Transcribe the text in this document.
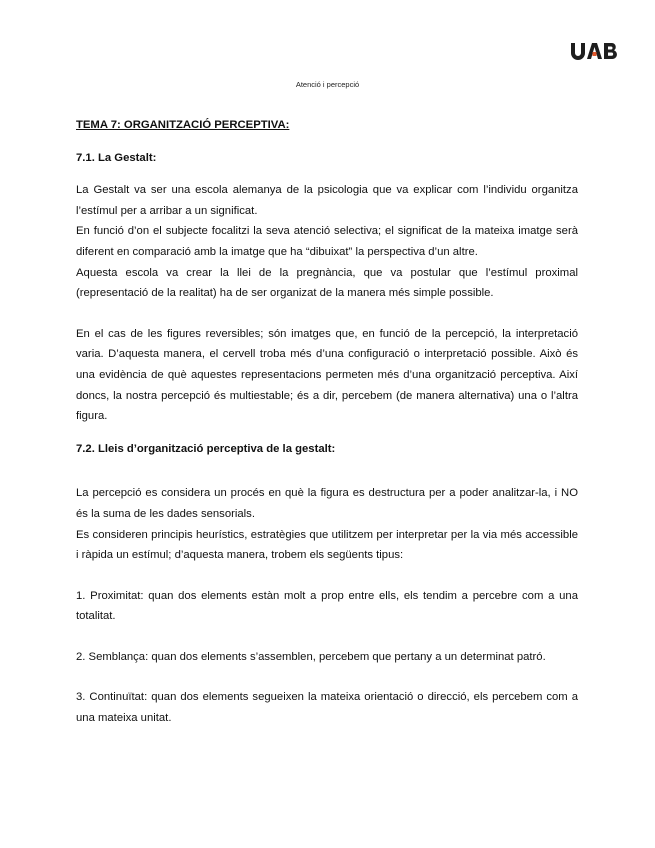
Atenció i percepció

TEMA 7: ORGANITZACIÓ PERCEPTIVA:

7.1. La Gestalt:

La Gestalt va ser una escola alemanya de la psicologia que va explicar com l’individu organitza l’estímul per a arribar a un significat.

En funció d’on el subjecte focalitzi la seva atenció selectiva; el significat de la mateixa imatge serà diferent en comparació amb la imatge que ha “dibuixat” la perspectiva d’un altre.

Aquesta escola va crear la llei de la pregnància, que va postular que l’estímul proximal (representació de la realitat) ha de ser organizat de la manera més simple possible.

En el cas de les figures reversibles; són imatges que, en funció de la percepció, la interpretació varia. D’aquesta manera, el cervell troba més d’una configuració o interpretació possible. Això és una evidència de què aquestes representacions permeten més d’una organització perceptiva. Així doncs, la nostra percepció és multiestable; és a dir, percebem (de manera alternativa) una o l’altra figura.

7.2. Lleis d’organització perceptiva de la gestalt:

La percepció es considera un procés en què la figura es destructura per a poder analitzar-la, i NO és la suma de les dades sensorials.

Es consideren principis heurístics, estratègies que utilitzem per interpretar per la via més accessible i ràpida un estímul; d’aquesta manera, trobem els següents tipus:

1. Proximitat: quan dos elements estàn molt a prop entre ells, els tendim a percebre com a una totalitat.

2. Semblança: quan dos elements s’assemblen, percebem que pertany a un determinat patró.

3. Continuïtat: quan dos elements segueixen la mateixa orientació o direcció, els percebem com a una mateixa unitat.
